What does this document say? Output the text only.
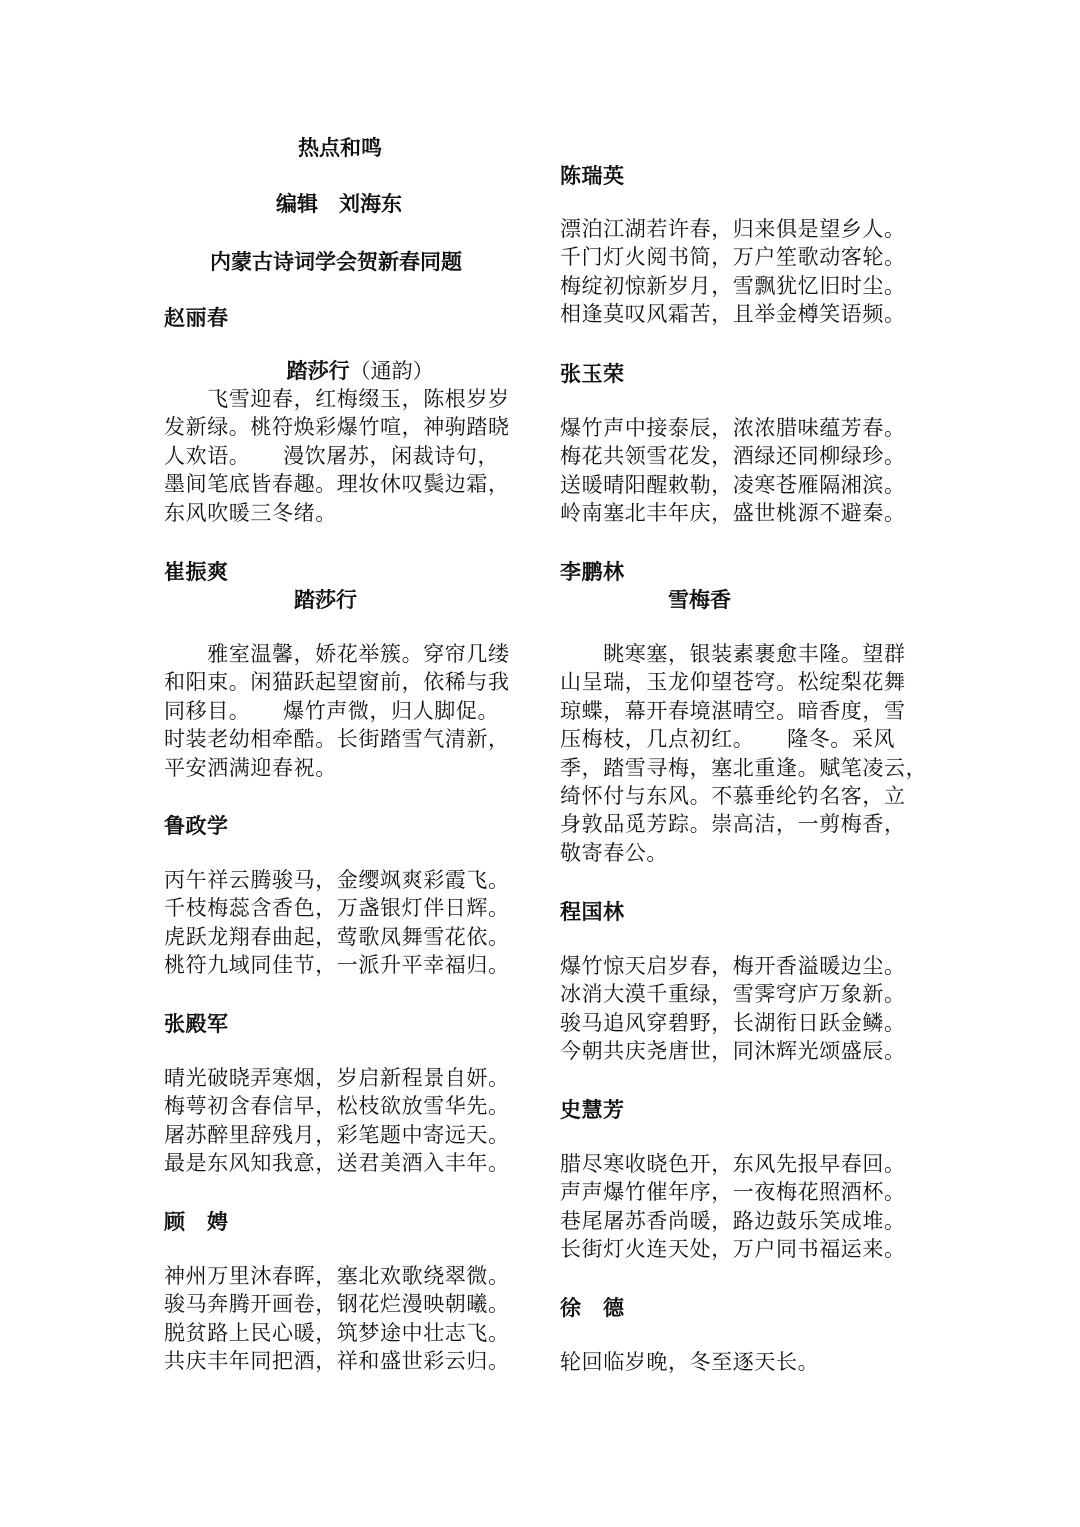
热点和鸣
编辑　刘海东
内蒙古诗词学会贺新春同题
赵丽春

踏莎行（通韵）

　　飞雪迎春，红梅缀玉，陈根岁岁
发新绿。桃符焕彩爆竹喧，神驹踏晓
人欢语。　　漫饮屠苏，闲裁诗句，
墨间笔底皆春趣。理妆休叹鬓边霜，
东风吹暖三冬绪。
崔振爽
踏莎行
　　雅室温馨，娇花举簇。穿帘几缕
和阳束。闲猫跃起望窗前，依稀与我
同移目。　　爆竹声微，归人脚促。
时装老幼相牵酷。长街踏雪气清新，
平安洒满迎春祝。
鲁政学
丙午祥云腾骏马，金缨飒爽彩霞飞。
千枝梅蕊含香色，万盏银灯伴日辉。
虎跃龙翔春曲起，莺歌凤舞雪花依。
桃符九域同佳节，一派升平幸福归。
张殿军
晴光破晓弄寒烟，岁启新程景自妍。
梅萼初含春信早，松枝欲放雪华先。
屠苏醉里辞残月，彩笔题中寄远天。
最是东风知我意，送君美酒入丰年。
顾　娉
神州万里沐春晖，塞北欢歌绕翠微。
骏马奔腾开画卷，钢花烂漫映朝曦。
脱贫路上民心暖，筑梦途中壮志飞。
共庆丰年同把酒，祥和盛世彩云归。
陈瑞英
漂泊江湖若许春，归来俱是望乡人。
千门灯火阅书简，万户笙歌动客轮。
梅绽初惊新岁月，雪飘犹忆旧时尘。
相逢莫叹风霜苦，且举金樽笑语频。
张玉荣
爆竹声中接泰辰，浓浓腊味蕴芳春。
梅花共领雪花发，酒绿还同柳绿珍。
送暖晴阳醒敕勒，凌寒苍雁隔湘滨。
岭南塞北丰年庆，盛世桃源不避秦。
李鹏林
雪梅香
　　眺寒塞，银装素裹愈丰隆。望群
山呈瑞，玉龙仰望苍穹。松绽梨花舞
琼蝶，幕开春境湛晴空。暗香度，雪
压梅枝，几点初红。　　隆冬。采风
季，踏雪寻梅，塞北重逢。赋笔凌云，
绮怀付与东风。不慕垂纶钓名客，立
身敦品觅芳踪。崇高洁，一剪梅香，
敬寄春公。
程国林
爆竹惊天启岁春，梅开香溢暖边尘。
冰消大漠千重绿，雪霁穹庐万象新。
骏马追风穿碧野，长湖衔日跃金鳞。
今朝共庆尧唐世，同沐辉光颂盛辰。
史慧芳
腊尽寒收晓色开，东风先报早春回。
声声爆竹催年序，一夜梅花照酒杯。
巷尾屠苏香尚暖，路边鼓乐笑成堆。
长街灯火连天处，万户同书福运来。
徐　德
轮回临岁晚，冬至逐天长。
